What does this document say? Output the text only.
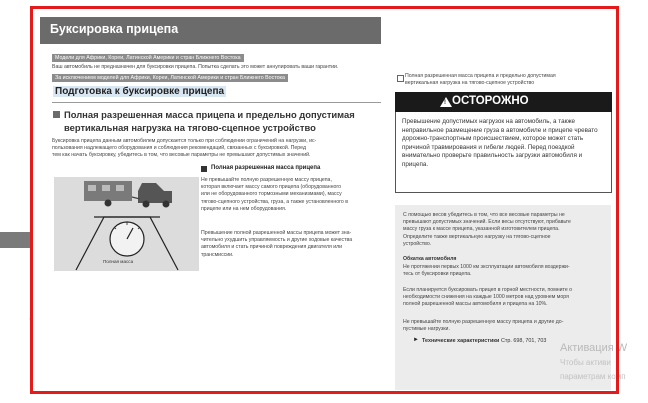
Во время движения
Буксировка прицепа
Модели для Африки, Кореи, Латинской Америки и стран Ближнего Востока
Ваш автомобиль не предназначен для буксировки прицепа. Попытка сделать это может аннулировать ваши гарантии.
За исключением моделей для Африки, Кореи, Латинской Америки и стран Ближнего Востока
Подготовка к буксировке прицепа
Полная разрешенная масса прицепа и предельно допустимая
вертикальная нагрузка на тягово-сцепное устройство
Буксировка прицепа данным автомобилем допускается только при соблюдении ограничений на нагрузки, ис-
пользования надлежащего оборудования и соблюдения рекомендаций, связанных с буксировкой. Перед
тем как начать буксировку, убедитесь в том, что весовые параметры не превышают допустимых значений.
Полная масса
Полная разрешенная масса прицепа
Не превышайте полную разрешенную массу прицепа,
которая включает массу самого прицепа (оборудованного
или не оборудованного тормозными механизмами), массу
тягово-сцепного устройства, груза, а также установленного в
прицепе или на нем оборудования.
Превышение полной разрешенной массы прицепа может зна-
чительно ухудшить управляемость и другие ходовые качества
автомобиля и стать причиной повреждения двигателя или
трансмиссии.
Полная разрешенная масса прицепа и предельно допустимая
вертикальная нагрузка на тягово-сцепное устройство
! ОСТОРОЖНО
Превышение допустимых нагрузок на автомобиль, а также неправильное размещение груза в автомобиле и прицепе чревато дорожно-транспортным происшествием, которое может стать причиной травмирования и гибели людей. Перед поездкой внимательно проверьте правильность загрузки автомобиля и прицепа.
С помощью весов убедитесь в том, что все весовые параметры не
превышают допустимых значений. Если весы отсутствуют, прибавьте
массу груза к массе прицепа, указанной изготовителем прицепа.
Определите также вертикальную нагрузку на тягово-сцепное
устройство.
Обкатка автомобиля
Не протяжении первых 1000 км эксплуатации автомобиля воздержи-
тесь от буксировки прицепа.
Если планируется буксировать прицеп в горной местности, помните о
необходимости снижения на каждые 1000 метров над уровнем моря
полной разрешенной массы автомобиля и прицепа на 10%.
Не превышайте полную разрешенную массу прицепа и другие до-
пустимые нагрузки.
► Технические характеристики Стр. 698, 701, 703
Активация W
Чтобы активи
параметрам комп
